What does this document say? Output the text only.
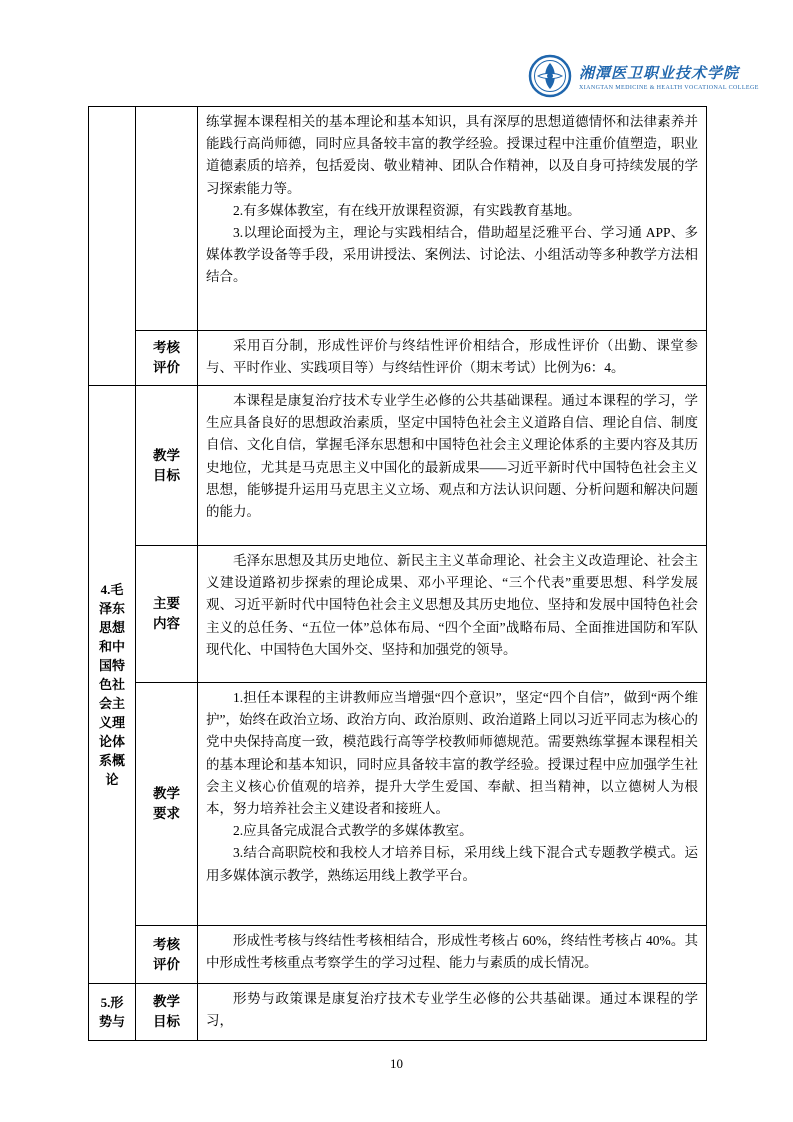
湘潭医卫职业技术学院
XIANGTAN MEDICINE & HEALTH VOCATIONAL COLLEGE

		练掌握本课程相关的基本理论和基本知识，具有深厚的思想道德情怀和法律素养并能践行高尚师德，同时应具备较丰富的教学经验。授课过程中注重价值塑造，职业道德素质的培养，包括爱岗、敬业精神、团队合作精神，以及自身可持续发展的学习探索能力等。

2.有多媒体教室，有在线开放课程资源，有实践教育基地。

3.以理论面授为主，理论与实践相结合，借助超星泛雅平台、学习通 APP、多媒体教学设备等手段，采用讲授法、案例法、讨论法、小组活动等多种教学方法相结合。

	考核评价	采用百分制，形成性评价与终结性评价相结合，形成性评价（出勤、课堂参与、平时作业、实践项目等）与终结性评价（期末考试）比例为6：4。

4.毛泽东思想和中国特色社会主义理论体系概论	教学目标	本课程是康复治疗技术专业学生必修的公共基础课程。通过本课程的学习，学生应具备良好的思想政治素质，坚定中国特色社会主义道路自信、理论自信、制度自信、文化自信，掌握毛泽东思想和中国特色社会主义理论体系的主要内容及其历史地位，尤其是马克思主义中国化的最新成果——习近平新时代中国特色社会主义思想，能够提升运用马克思主义立场、观点和方法认识问题、分析问题和解决问题的能力。

	主要内容	毛泽东思想及其历史地位、新民主主义革命理论、社会主义改造理论、社会主义建设道路初步探索的理论成果、邓小平理论、“三个代表”重要思想、科学发展观、习近平新时代中国特色社会主义思想及其历史地位、坚持和发展中国特色社会主义的总任务、“五位一体”总体布局、“四个全面”战略布局、全面推进国防和军队现代化、中国特色大国外交、坚持和加强党的领导。

	教学要求	1.担任本课程的主讲教师应当增强“四个意识”，坚定“四个自信”，做到“两个维护”，始终在政治立场、政治方向、政治原则、政治道路上同以习近平同志为核心的党中央保持高度一致，模范践行高等学校教师师德规范。需要熟练掌握本课程相关的基本理论和基本知识，同时应具备较丰富的教学经验。授课过程中应加强学生社会主义核心价值观的培养，提升大学生爱国、奉献、担当精神，以立德树人为根本，努力培养社会主义建设者和接班人。

2.应具备完成混合式教学的多媒体教室。

3.结合高职院校和我校人才培养目标，采用线上线下混合式专题教学模式。运用多媒体演示教学，熟练运用线上教学平台。

	考核评价	形成性考核与终结性考核相结合，形成性考核占 60%，终结性考核占 40%。其中形成性考核重点考察学生的学习过程、能力与素质的成长情况。

5.形势与	教学目标	形势与政策课是康复治疗技术专业学生必修的公共基础课。通过本课程的学习，

10
